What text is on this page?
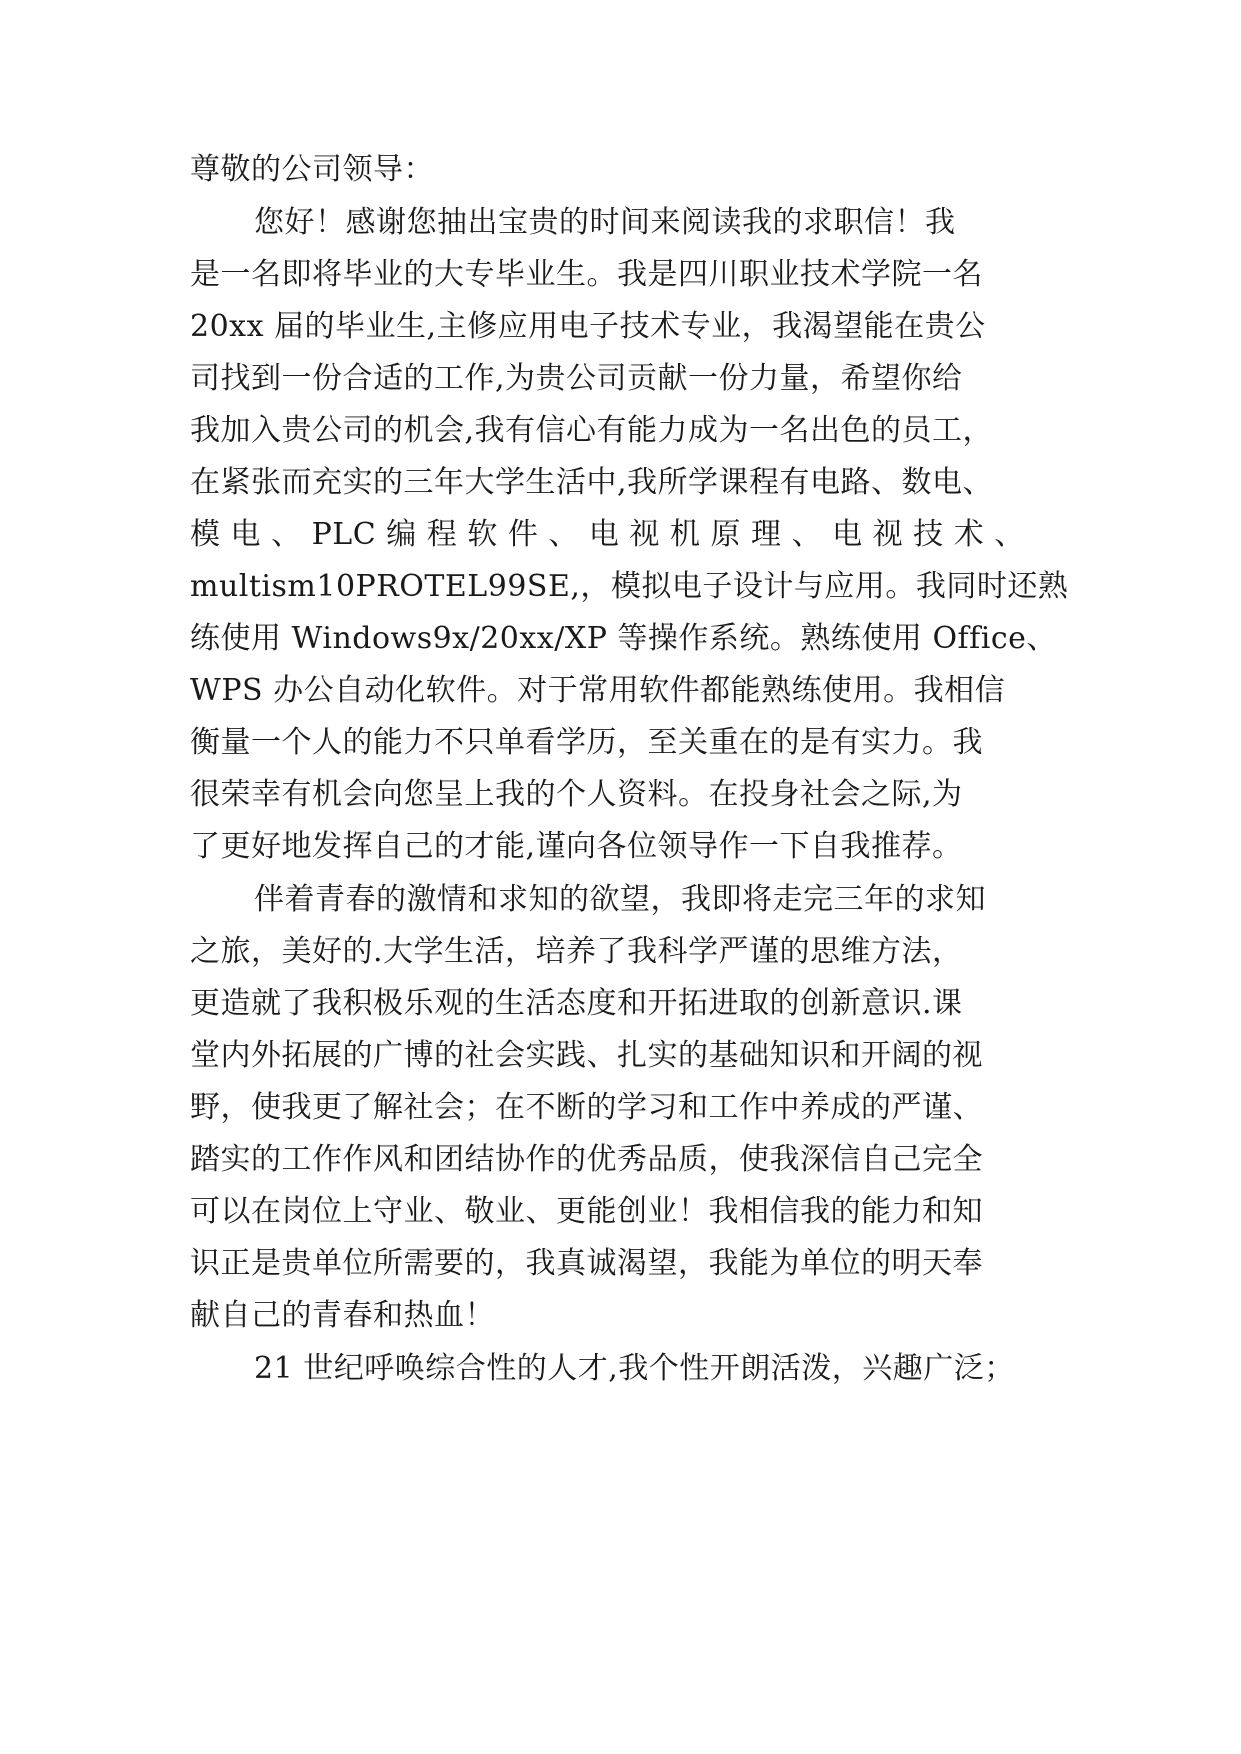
尊敬的公司领导：
您好！感谢您抽出宝贵的时间来阅读我的求职信！我
是一名即将毕业的大专毕业生。我是四川职业技术学院一名
20xx 届的毕业生,主修应用电子技术专业，我渴望能在贵公
司找到一份合适的工作,为贵公司贡献一份力量，希望你给
我加入贵公司的机会,我有信心有能力成为一名出色的员工，
在紧张而充实的三年大学生活中,我所学课程有电路、数电、
模 电 、 PLC 编 程 软 件 、 电 视 机 原 理 、 电 视 技 术 、
multism10PROTEL99SE,，模拟电子设计与应用。我同时还熟
练使用 Windows9x/20xx/XP 等操作系统。熟练使用 Office、
WPS 办公自动化软件。对于常用软件都能熟练使用。我相信
衡量一个人的能力不只单看学历，至关重在的是有实力。我
很荣幸有机会向您呈上我的个人资料。在投身社会之际,为
了更好地发挥自己的才能,谨向各位领导作一下自我推荐。
伴着青春的激情和求知的欲望，我即将走完三年的求知
之旅，美好的.大学生活，培养了我科学严谨的思维方法，
更造就了我积极乐观的生活态度和开拓进取的创新意识.课
堂内外拓展的广博的社会实践、扎实的基础知识和开阔的视
野，使我更了解社会；在不断的学习和工作中养成的严谨、
踏实的工作作风和团结协作的优秀品质，使我深信自己完全
可以在岗位上守业、敬业、更能创业！我相信我的能力和知
识正是贵单位所需要的，我真诚渴望，我能为单位的明天奉
献自己的青春和热血！
21 世纪呼唤综合性的人才,我个性开朗活泼，兴趣广泛；
